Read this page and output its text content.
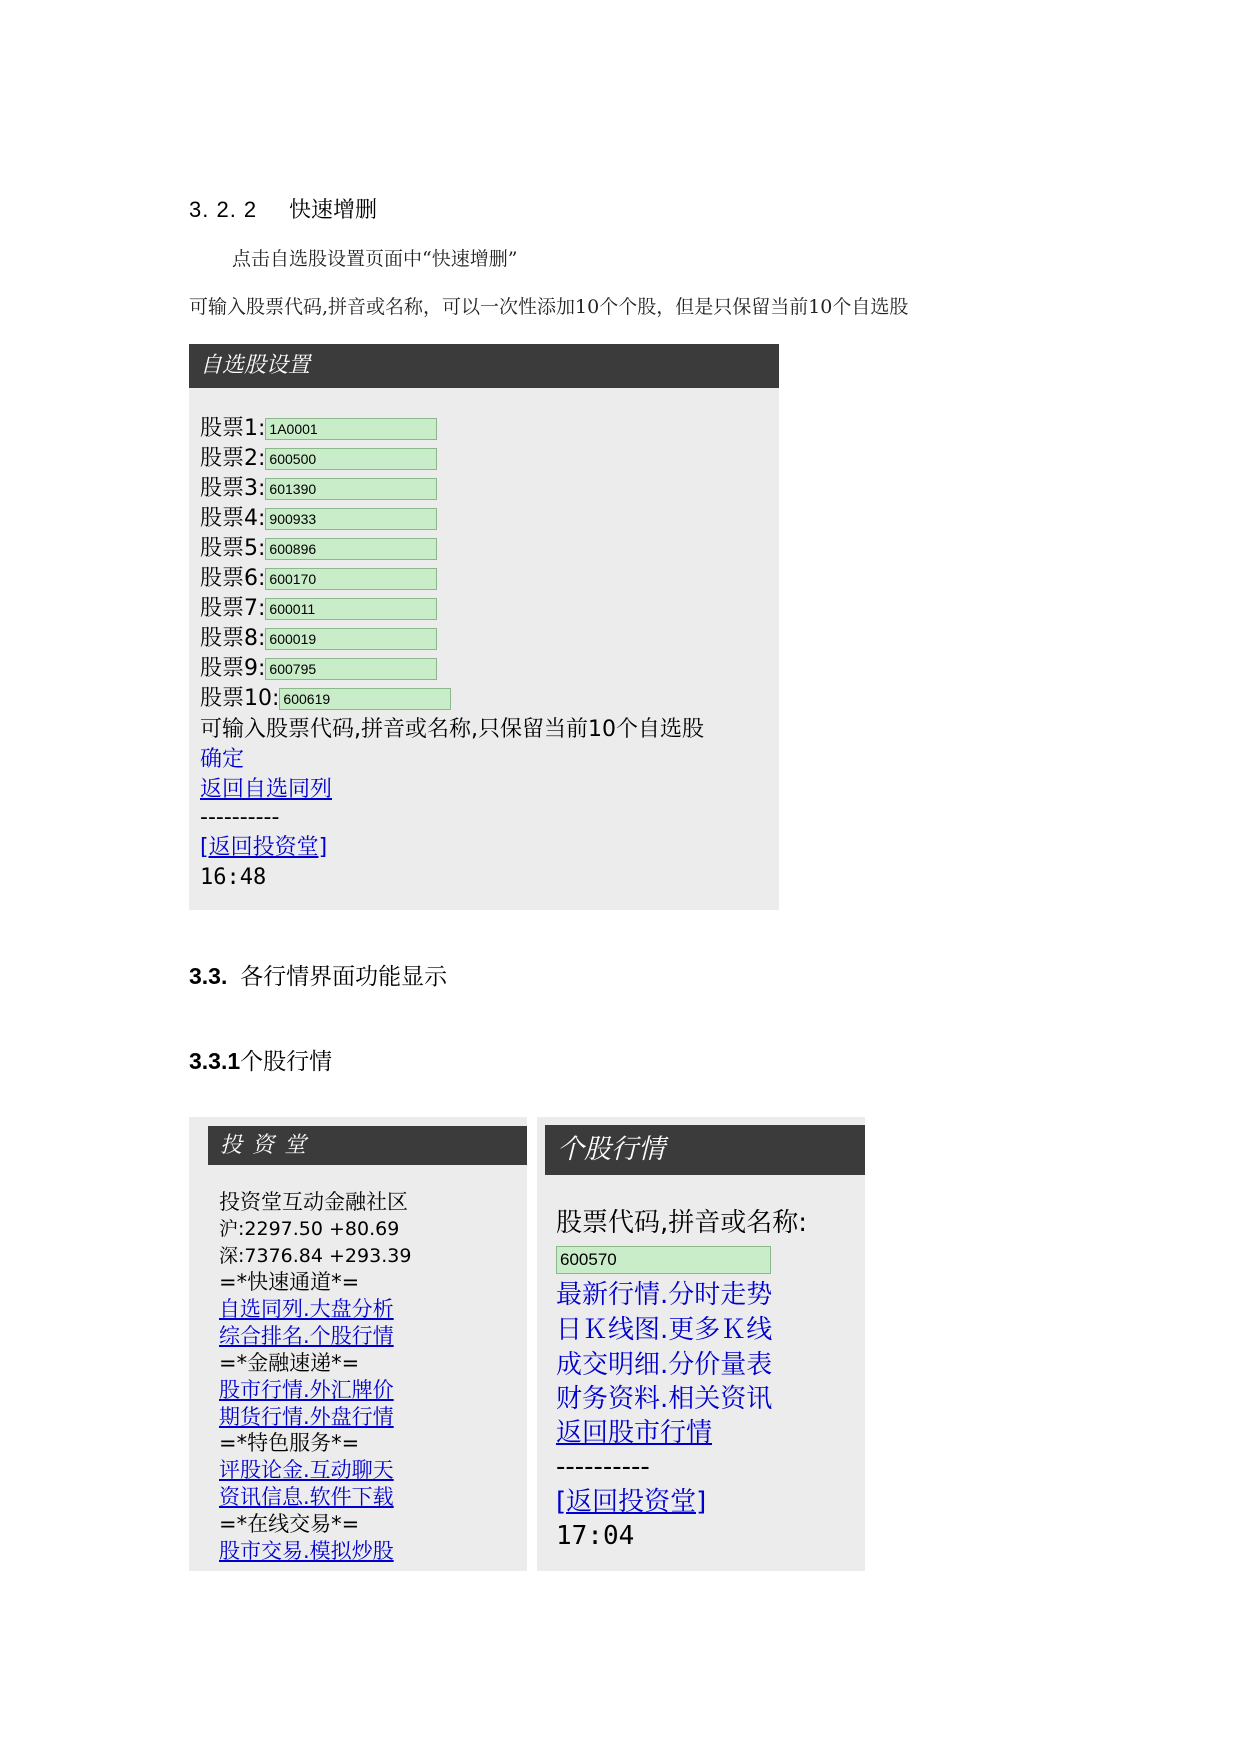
3. 2. 2 快速增删
点击自选股设置页面中“快速增删”
可输入股票代码,拼音或名称，可以一次性添加10个个股，但是只保留当前10个自选股
自选股设置
股票1:
1A0001
股票2:
600500
股票3:
601390
股票4:
900933
股票5:
600896
股票6:
600170
股票7:
600011
股票8:
600019
股票9:
600795
股票10:
600619
可输入股票代码,拼音或名称,只保留当前10个自选股
确定
返回自选同列
----------
[返回投资堂]
16:48
3.3. 各行情界面功能显示
3.3.1个股行情
投资堂
投资堂互动金融社区
沪:2297.50 +80.69
深:7376.84 +293.39
=*快速通道*=
自选同列.大盘分析
综合排名.个股行情
=*金融速递*=
股市行情.外汇牌价
期货行情.外盘行情
=*特色服务*=
评股论金.互动聊天
资讯信息.软件下载
=*在线交易*=
股市交易.模拟炒股
个股行情
股票代码,拼音或名称:
600570
最新行情.分时走势
日Ｋ线图.更多Ｋ线
成交明细.分价量表
财务资料.相关资讯
返回股市行情
----------
[返回投资堂]
17:04
